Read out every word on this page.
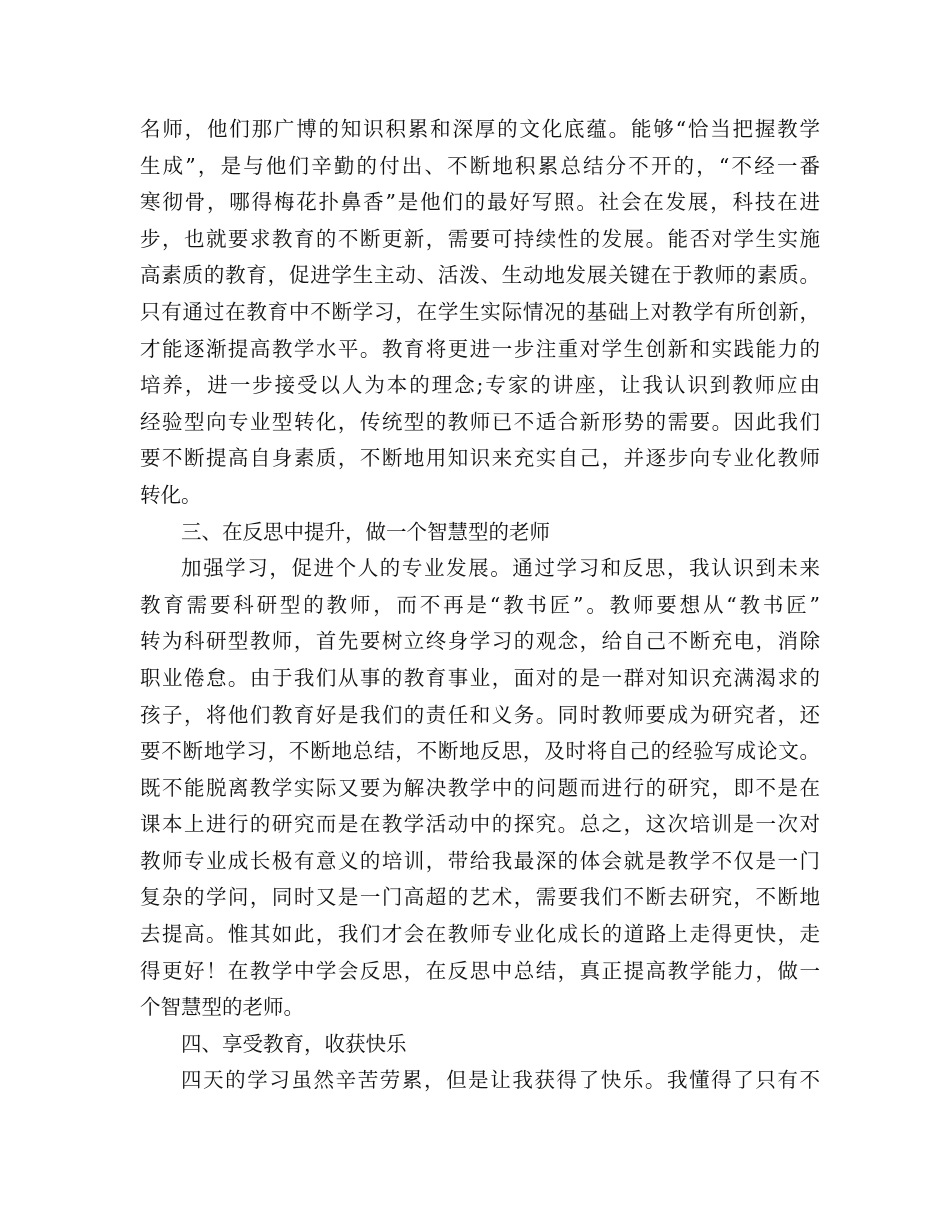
名师，他们那广博的知识积累和深厚的文化底蕴。能够“恰当把握教学
生成”，是与他们辛勤的付出、不断地积累总结分不开的，“不经一番
寒彻骨，哪得梅花扑鼻香”是他们的最好写照。社会在发展，科技在进
步，也就要求教育的不断更新，需要可持续性的发展。能否对学生实施
高素质的教育，促进学生主动、活泼、生动地发展关键在于教师的素质。
只有通过在教育中不断学习，在学生实际情况的基础上对教学有所创新，
才能逐渐提高教学水平。教育将更进一步注重对学生创新和实践能力的
培养，进一步接受以人为本的理念;专家的讲座，让我认识到教师应由
经验型向专业型转化，传统型的教师已不适合新形势的需要。因此我们
要不断提高自身素质，不断地用知识来充实自己，并逐步向专业化教师
转化。
三、在反思中提升，做一个智慧型的老师
加强学习，促进个人的专业发展。通过学习和反思，我认识到未来
教育需要科研型的教师，而不再是“教书匠”。教师要想从“教书匠”
转为科研型教师，首先要树立终身学习的观念，给自己不断充电，消除
职业倦怠。由于我们从事的教育事业，面对的是一群对知识充满渴求的
孩子，将他们教育好是我们的责任和义务。同时教师要成为研究者，还
要不断地学习，不断地总结，不断地反思，及时将自己的经验写成论文。
既不能脱离教学实际又要为解决教学中的问题而进行的研究，即不是在
课本上进行的研究而是在教学活动中的探究。总之，这次培训是一次对
教师专业成长极有意义的培训，带给我最深的体会就是教学不仅是一门
复杂的学问，同时又是一门高超的艺术，需要我们不断去研究，不断地
去提高。惟其如此，我们才会在教师专业化成长的道路上走得更快，走
得更好！在教学中学会反思，在反思中总结，真正提高教学能力，做一
个智慧型的老师。
四、享受教育，收获快乐
四天的学习虽然辛苦劳累，但是让我获得了快乐。我懂得了只有不
